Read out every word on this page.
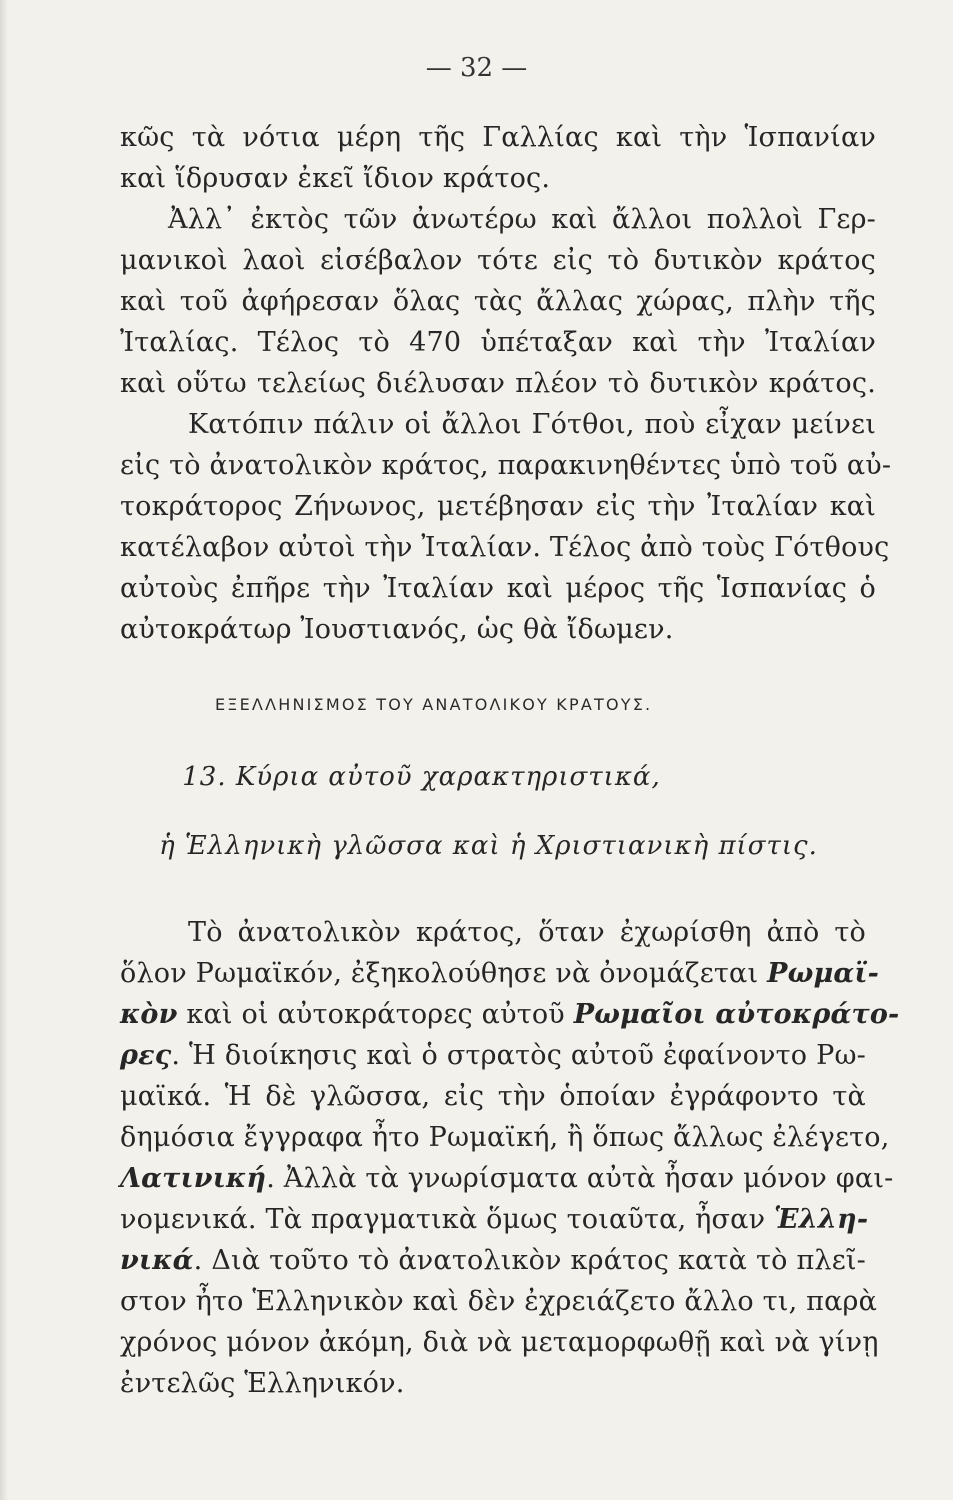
— 32 —
κῶς τὰ νότια μέρη τῆς Γαλλίας καὶ τὴν Ἱσπανίαν
καὶ ἵδρυσαν ἐκεῖ ἴδιον κράτος.
Ἀλλ᾽ ἐκτὸς τῶν ἀνωτέρω καὶ ἄλλοι πολλοὶ Γερ-
μανικοὶ λαοὶ εἰσέβαλον τότε εἰς τὸ δυτικὸν κράτος
καὶ τοῦ ἀφήρεσαν ὅλας τὰς ἄλλας χώρας, πλὴν τῆς
Ἰταλίας. Τέλος τὸ 470 ὑπέταξαν καὶ τὴν Ἰταλίαν
καὶ οὕτω τελείως διέλυσαν πλέον τὸ δυτικὸν κράτος.
Κατόπιν πάλιν οἱ ἄλλοι Γότθοι, ποὺ εἶχαν μείνει
εἰς τὸ ἀνατολικὸν κράτος, παρακινηθέντες ὑπὸ τοῦ αὐ-
τοκράτορος Ζήνωνος, μετέβησαν εἰς τὴν Ἰταλίαν καὶ
κατέλαβον αὐτοὶ τὴν Ἰταλίαν. Τέλος ἀπὸ τοὺς Γότθους
αὐτοὺς ἐπῆρε τὴν Ἰταλίαν καὶ μέρος τῆς Ἱσπανίας ὁ
αὐτοκράτωρ Ἰουστιανός, ὡς θὰ ἴδωμεν.
ΕΞΕΛΛΗΝΙΣΜΟΣ ΤΟΥ ΑΝΑΤΟΛΙΚΟΥ ΚΡΑΤΟΥΣ.
13. Κύρια αὐτοῦ χαρακτηριστικά,
ἡ Ἑλληνικὴ γλῶσσα καὶ ἡ Χριστιανικὴ πίστις.
Τὸ ἀνατολικὸν κράτος, ὅταν ἐχωρίσθη ἀπὸ τὸ
ὅλον Ρωμαϊκόν, ἐξηκολούθησε νὰ ὀνομάζεται Ρωμαϊ-
κὸν καὶ οἱ αὐτοκράτορες αὐτοῦ Ρωμαῖοι αὐτοκράτο-
ρες. Ἡ διοίκησις καὶ ὁ στρατὸς αὐτοῦ ἐφαίνοντο Ρω-
μαϊκά. Ἡ δὲ γλῶσσα, εἰς τὴν ὁποίαν ἐγράφοντο τὰ
δημόσια ἔγγραφα ἦτο Ρωμαϊκή, ἢ ὅπως ἄλλως ἐλέγετο,
Λατινική. Ἀλλὰ τὰ γνωρίσματα αὐτὰ ἦσαν μόνον φαι-
νομενικά. Τὰ πραγματικὰ ὅμως τοιαῦτα, ἦσαν Ἑλλη-
νικά. Διὰ τοῦτο τὸ ἀνατολικὸν κράτος κατὰ τὸ πλεῖ-
στον ἦτο Ἑλληνικὸν καὶ δὲν ἐχρειάζετο ἄλλο τι, παρὰ
χρόνος μόνον ἀκόμη, διὰ νὰ μεταμορφωθῇ καὶ νὰ γίνῃ
ἐντελῶς Ἑλληνικόν.
